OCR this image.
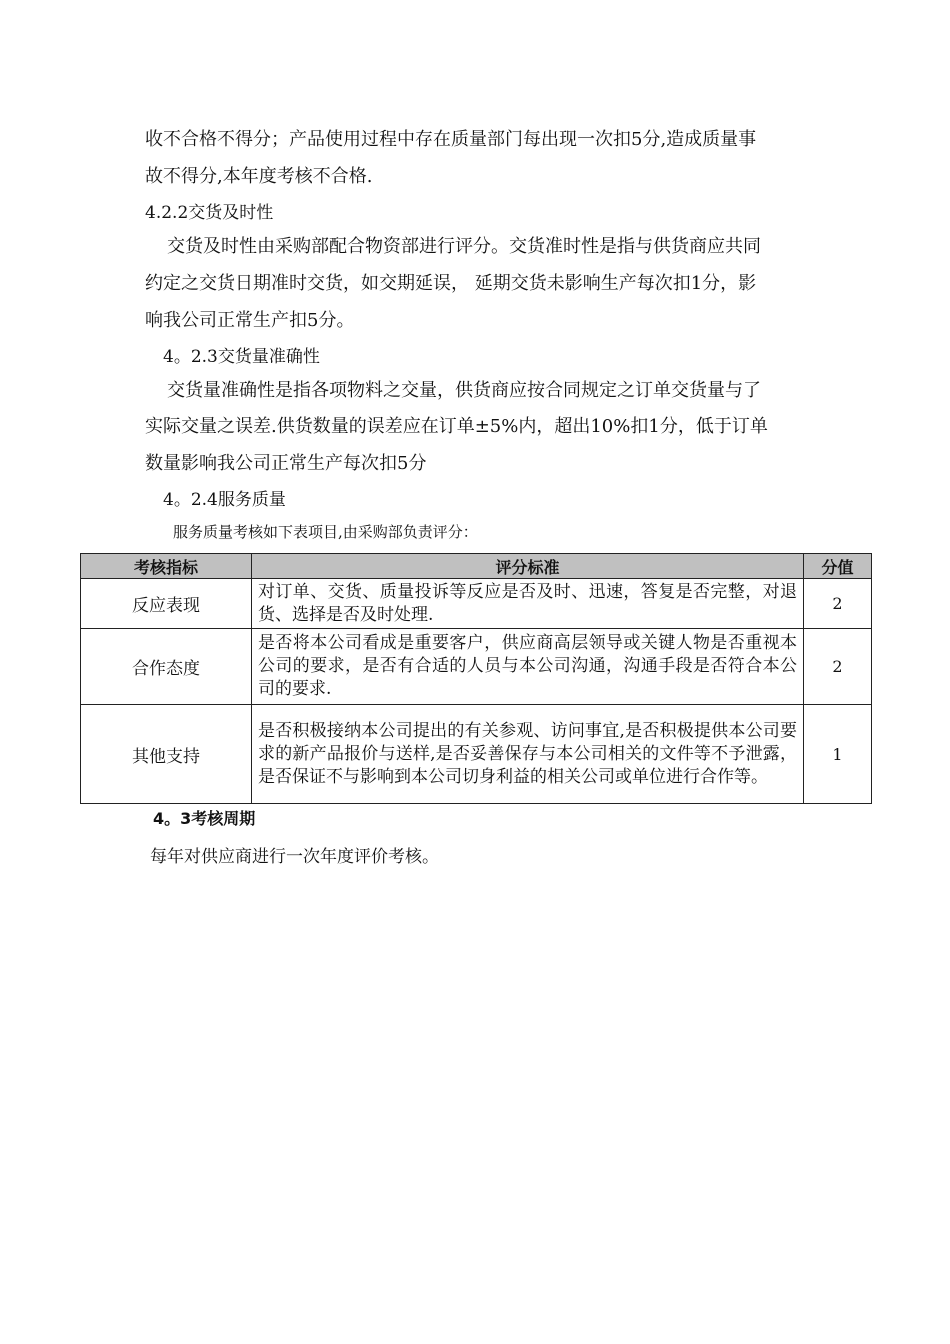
收不合格不得分；产品使用过程中存在质量部门每出现一次扣5分,造成质量事
故不得分,本年度考核不合格.
4.2.2交货及时性
交货及时性由采购部配合物资部进行评分。交货准时性是指与供货商应共同
约定之交货日期准时交货，如交期延误， 延期交货未影响生产每次扣1分，影
响我公司正常生产扣5分。
4。2.3交货量准确性
交货量准确性是指各项物料之交量，供货商应按合同规定之订单交货量与了
实际交量之误差.供货数量的误差应在订单±5%内，超出10%扣1分，低于订单
数量影响我公司正常生产每次扣5分
4。2.4服务质量
服务质量考核如下表项目,由采购部负责评分：
考核指标	评分标准	分值
反应表现	对订单、交货、质量投诉等反应是否及时、迅速，答复是否完整，对退货、选择是否及时处理.	2
合作态度	是否将本公司看成是重要客户，供应商高层领导或关键人物是否重视本公司的要求，是否有合适的人员与本公司沟通，沟通手段是否符合本公司的要求.	2
其他支持	是否积极接纳本公司提出的有关参观、访问事宜,是否积极提供本公司要求的新产品报价与送样,是否妥善保存与本公司相关的文件等不予泄露，是否保证不与影响到本公司切身利益的相关公司或单位进行合作等。	1
4。3考核周期
每年对供应商进行一次年度评价考核。
